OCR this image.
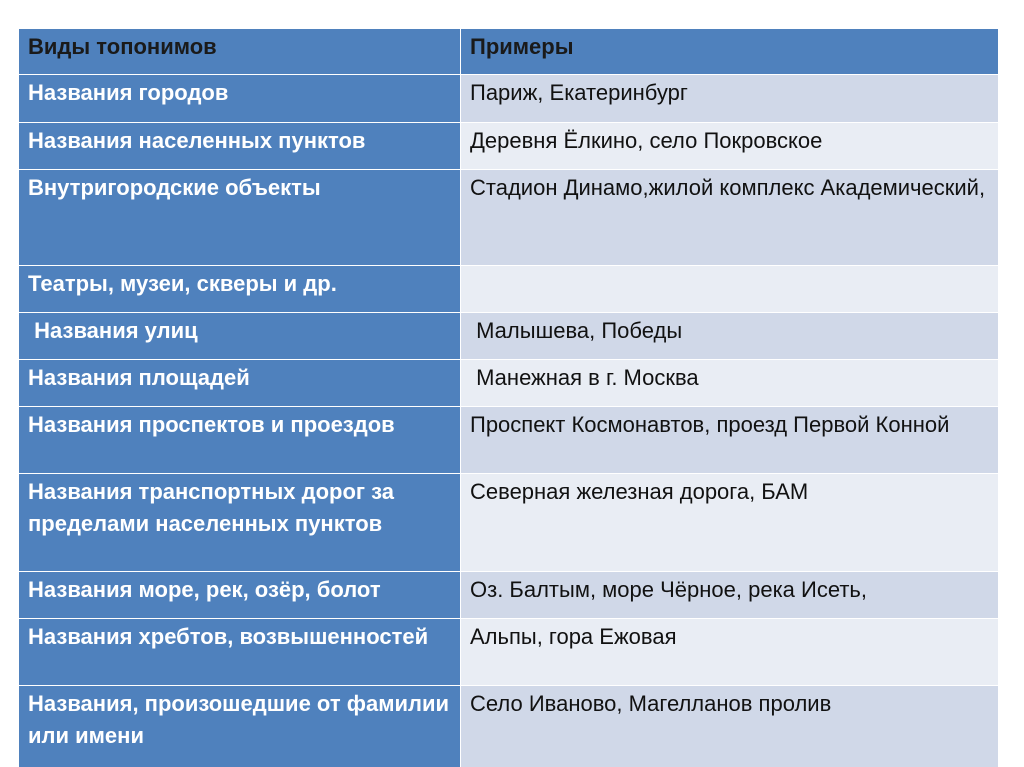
Виды топонимов	Примеры
Названия городов	Париж, Екатеринбург
Названия населенных пунктов	Деревня Ёлкино, село Покровское
Внутригородские объекты	Стадион Динамо,жилой комплекс Академический,
Театры, музеи, скверы и др.	
Названия улиц	Малышева, Победы
Названия площадей	Манежная в г. Москва
Названия проспектов и проездов	Проспект Космонавтов, проезд Первой Конной
Названия транспортных дорог за пределами населенных пунктов	Северная железная дорога, БАМ
Названия море, рек, озёр, болот	Оз. Балтым, море Чёрное, река Исеть,
Названия хребтов, возвышенностей	Альпы, гора Ежовая
Названия, произошедшие от фамилии или имени	Село Иваново, Магелланов пролив
